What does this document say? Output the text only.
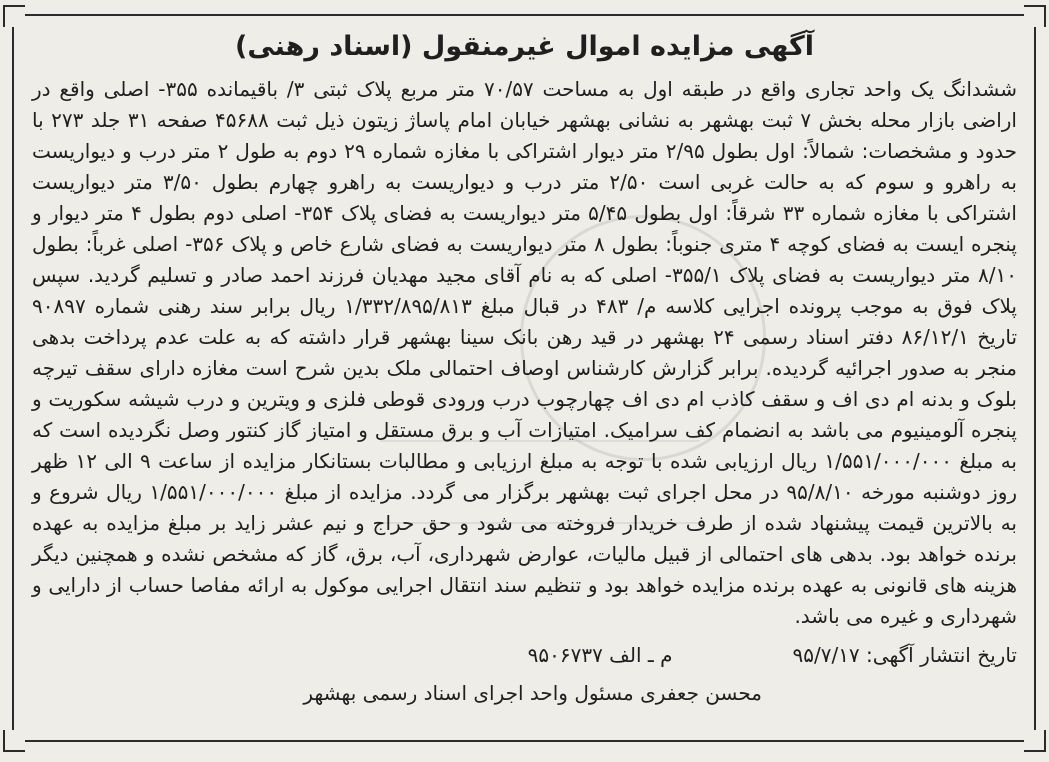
آگهی مزایده اموال غیرمنقول (اسناد رهنی)

ششدانگ یک واحد تجاری واقع در طبقه اول به مساحت ۷۰/۵۷ متر مربع پلاک ثبتی ۳/ باقیمانده ۳۵۵- اصلی واقع در اراضی بازار محله بخش ۷ ثبت بهشهر به نشانی بهشهر خیابان امام پاساژ زیتون ذیل ثبت ۴۵۶۸۸ صفحه ۳۱ جلد ۲۷۳ با حدود و مشخصات: شمالاً: اول بطول ۲/۹۵ متر دیوار اشتراکی با مغازه شماره ۲۹ دوم به طول ۲ متر درب و دیواریست به راهرو و سوم که به حالت غربی است ۲/۵۰ متر درب و دیواریست به راهرو چهارم بطول ۳/۵۰ متر دیواریست اشتراکی با مغازه شماره ۳۳ شرقاً: اول بطول ۵/۴۵ متر دیواریست به فضای پلاک ۳۵۴- اصلی دوم بطول ۴ متر دیوار و پنجره ایست به فضای کوچه ۴ متری جنوباً: بطول ۸ متر دیواریست به فضای شارع خاص و پلاک ۳۵۶- اصلی غرباً: بطول ۸/۱۰ متر دیواریست به فضای پلاک ۳۵۵/۱- اصلی که به نام آقای مجید مهدیان فرزند احمد صادر و تسلیم گردید. سپس پلاک فوق به موجب پرونده اجرایی کلاسه م/ ۴۸۳ در قبال مبلغ ۱/۳۳۲/۸۹۵/۸۱۳ ریال برابر سند رهنی شماره ۹۰۸۹۷ تاریخ ۸۶/۱۲/۱ دفتر اسناد رسمی ۲۴ بهشهر در قید رهن بانک سینا بهشهر قرار داشته که به علت عدم پرداخت بدهی منجر به صدور اجرائیه گردیده. برابر گزارش کارشناس اوصاف احتمالی ملک بدین شرح است مغازه دارای سقف تیرچه بلوک و بدنه ام دی اف و سقف کاذب ام دی اف چهارچوب درب ورودی قوطی فلزی و ویترین و درب شیشه سکوریت و پنجره آلومینیوم می باشد به انضمام کف سرامیک. امتیازات آب و برق مستقل و امتیاز گاز کنتور وصل نگردیده است که به مبلغ ۱/۵۵۱/۰۰۰/۰۰۰ ریال ارزیابی شده با توجه به مبلغ ارزیابی و مطالبات بستانکار مزایده از ساعت ۹ الی ۱۲ ظهر روز دوشنبه مورخه ۹۵/۸/۱۰ در محل اجرای ثبت بهشهر برگزار می گردد. مزایده از مبلغ ۱/۵۵۱/۰۰۰/۰۰۰ ریال شروع و به بالاترین قیمت پیشنهاد شده از طرف خریدار فروخته می شود و حق حراج و نیم عشر زاید بر مبلغ مزایده به عهده برنده خواهد بود. بدهی های احتمالی از قبیل مالیات، عوارض شهرداری، آب، برق، گاز که مشخص نشده و همچنین دیگر هزینه های قانونی به عهده برنده مزایده خواهد بود و تنظیم سند انتقال اجرایی موکول به ارائه مفاصا حساب از دارایی و شهرداری و غیره می باشد.

تاریخ انتشار آگهی: ۹۵/۷/۱۷
م ـ الف ۹۵۰۶۷۳۷
محسن جعفری مسئول واحد اجرای اسناد رسمی بهشهر
